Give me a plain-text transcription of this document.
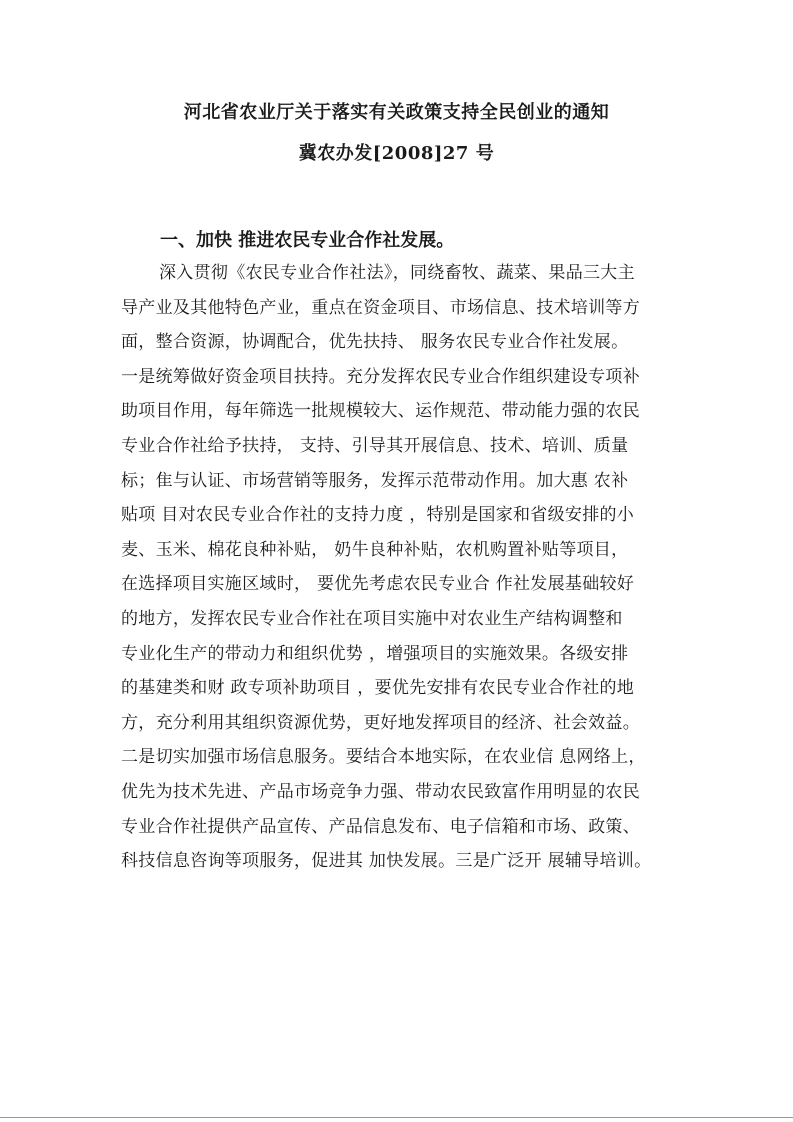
河北省农业厅关于落实有关政策支持全民创业的通知
冀农办发[2008]27 号
一、加快 推进农民专业合作社发展。
深入贯彻《农民专业合作社法》，同绕畜牧、蔬菜、果品三大主
导产业及其他特色产业，重点在资金项目、市场信息、技术培训等方
面，整合资源，协调配合，优先扶持、 服务农民专业合作社发展。
一是统筹做好资金项目扶持。充分发挥农民专业合作组织建设专项补
助项目作用，每年筛选一批规模较大、运作规范、带动能力强的农民
专业合作社给予扶持， 支持、引导其开展信息、技术、培训、质量
标；隹与认证、市场营销等服务，发挥示范带动作用。加大惠 农补
贴项 目对农民专业合作社的支持力度 ，特别是国家和省级安排的小
麦、玉米、棉花良种补贴， 奶牛良种补贴，农机购置补贴等项目，
在选择项目实施区域时， 要优先考虑农民专业合 作社发展基础较好
的地方，发挥农民专业合作社在项目实施中对农业生产结构调整和
专业化生产的带动力和组织优势 ，增强项目的实施效果。各级安排
的基建类和财 政专项补助项目 ，要优先安排有农民专业合作社的地
方，充分利用其组织资源优势，更好地发挥项目的经济、社会效益。
二是切实加强市场信息服务。要结合本地实际，在农业信 息网络上，
优先为技术先进、产品市场竞争力强、带动农民致富作用明显的农民
专业合作社提供产品宣传、产品信息发布、电子信箱和市场、政策、
科技信息咨询等项服务，促进其 加快发展。三是广泛开 展辅导培训。
